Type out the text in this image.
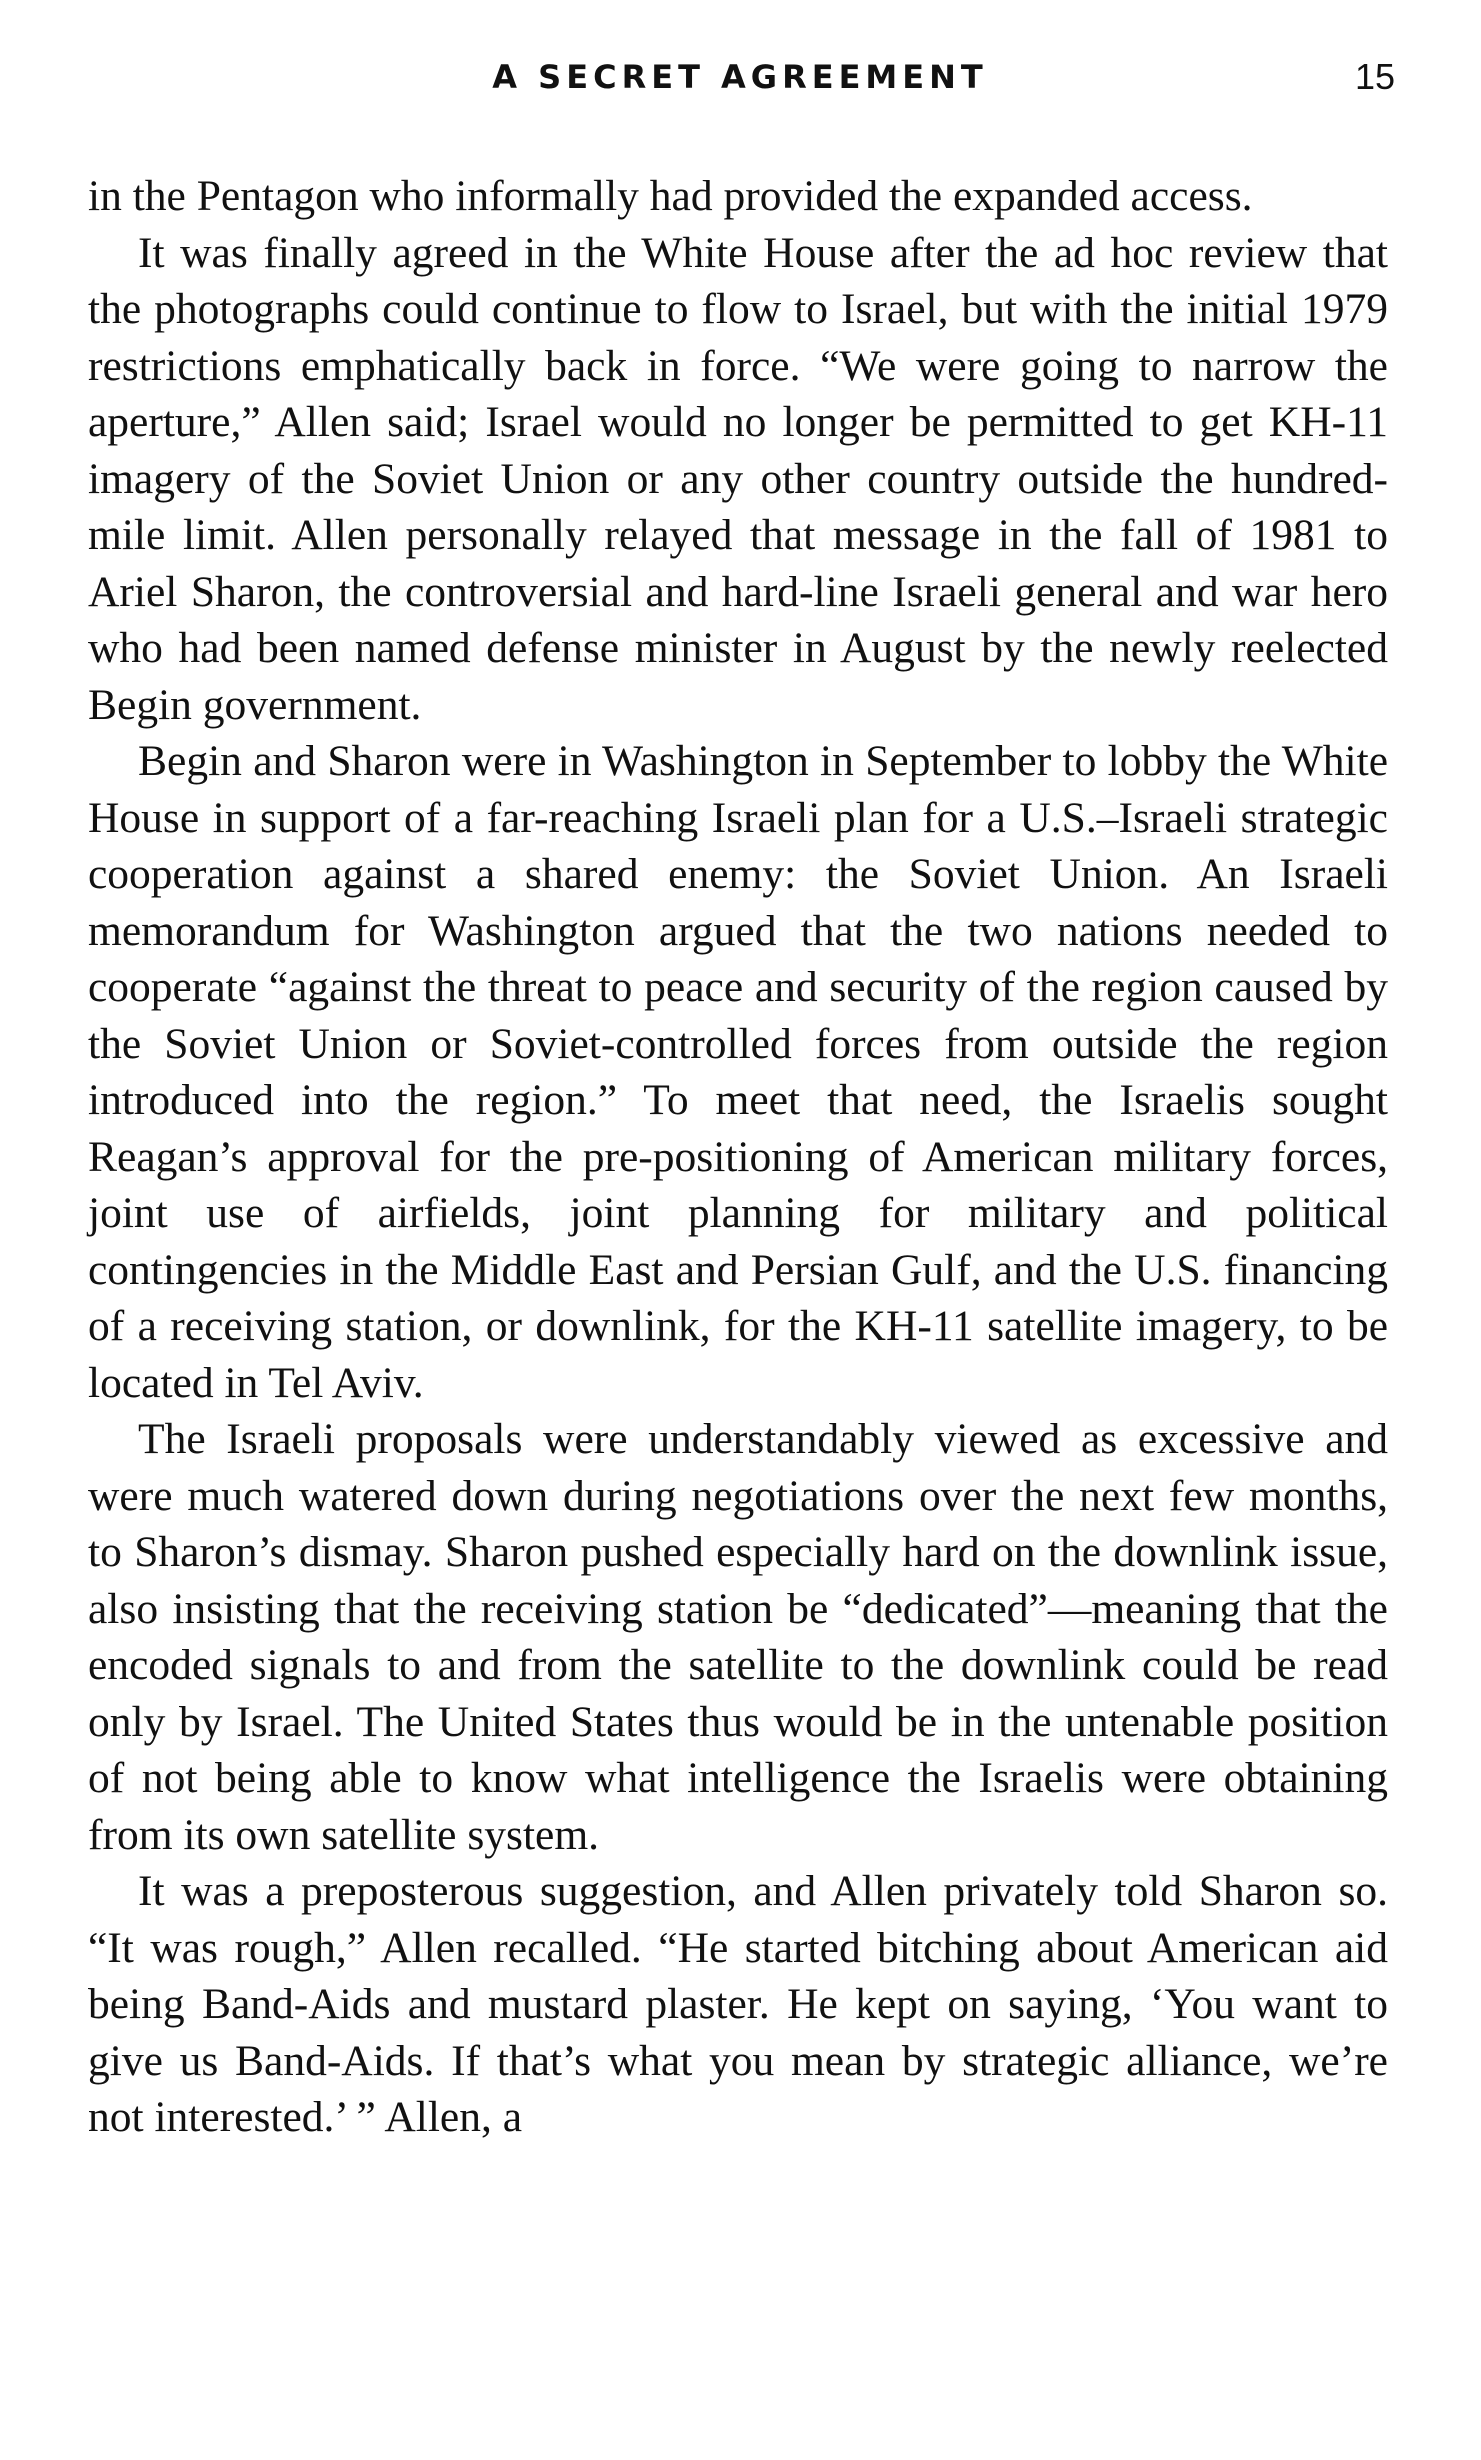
A SECRET AGREEMENT	15

in the Pentagon who informally had provided the expanded access.

It was finally agreed in the White House after the ad hoc review that the photographs could continue to flow to Israel, but with the initial 1979 restrictions emphatically back in force. “We were going to narrow the aperture,” Allen said; Israel would no longer be permitted to get KH-11 imagery of the Soviet Union or any other country outside the hundred-mile limit. Allen personally relayed that message in the fall of 1981 to Ariel Sharon, the controversial and hard-line Israeli general and war hero who had been named defense minister in August by the newly reelected Begin government.

Begin and Sharon were in Washington in September to lobby the White House in support of a far-reaching Israeli plan for a U.S.–Israeli strategic cooperation against a shared enemy: the Soviet Union. An Israeli memorandum for Washington argued that the two nations needed to cooperate “against the threat to peace and security of the region caused by the Soviet Union or Soviet-controlled forces from outside the region introduced into the region.” To meet that need, the Israelis sought Reagan’s approval for the pre-positioning of American military forces, joint use of airfields, joint planning for military and political contingencies in the Middle East and Persian Gulf, and the U.S. financing of a receiving station, or downlink, for the KH-11 satellite imagery, to be located in Tel Aviv.

The Israeli proposals were understandably viewed as excessive and were much watered down during negotiations over the next few months, to Sharon’s dismay. Sharon pushed especially hard on the downlink issue, also insisting that the receiving station be “dedicated”—meaning that the encoded signals to and from the satellite to the downlink could be read only by Israel. The United States thus would be in the untenable position of not being able to know what intelligence the Israelis were obtaining from its own satellite system.

It was a preposterous suggestion, and Allen privately told Sharon so. “It was rough,” Allen recalled. “He started bitching about American aid being Band-Aids and mustard plaster. He kept on saying, ‘You want to give us Band-Aids. If that’s what you mean by strategic alliance, we’re not interested.’ ” Allen, a
